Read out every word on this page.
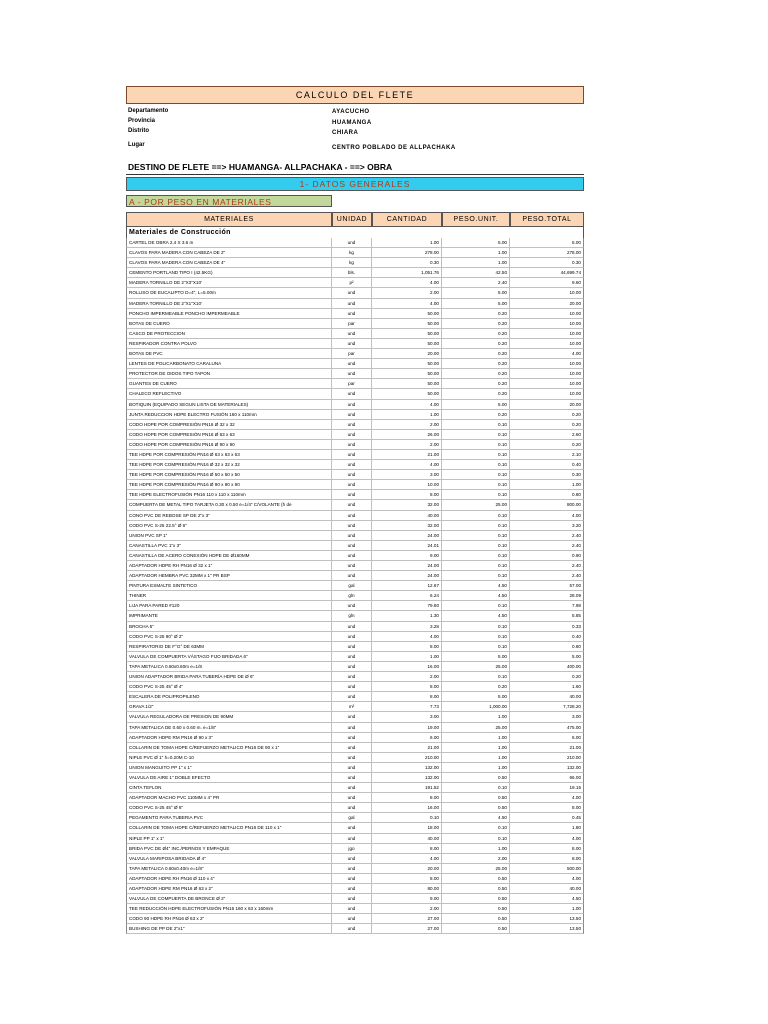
CALCULO DEL FLETE
Departamento	AYACUCHO
Provincia	HUAMANGA
Distrito	CHIARA
Lugar	CENTRO POBLADO DE ALLPACHAKA
DESTINO DE FLETE ==> HUAMANGA- ALLPACHAKA - ==> OBRA
1- DATOS GENERALES
A - POR PESO EN MATERIALES
MATERIALES	UNIDAD	CANTIDAD	PESO.UNIT.	PESO.TOTAL
Materiales de Construcción
CARTEL DE OBRA 2.4 X 3.6 m	und	1.00	5.00	5.00
CLAVOS PARA MADERA CON CABEZA DE 2"	kg	278.00	1.00	278.00
CLAVOS PARA MADERA CON CABEZA DE 4"	kg	0.30	1.00	0.30
CEMENTO PORTLAND TIPO I (42.5KG)	bls.	1,051.76	42.50	44,699.74
MADERA TORNILLO DE 2"X3"X10'	p²	4.00	2.40	9.60
ROLLISO DE EUCALIPTO D=4", L=5.00m	und	2.00	5.00	10.00
MADERA TORNILLO DE 2"X1"X10'	und	4.00	5.00	20.00
PONCHO IMPERMEABLE PONCHO IMPERMEABLE	und	50.00	0.20	10.00
BOTAS DE CUERO	par	50.00	0.20	10.00
CASCO DE PROTECCION	und	50.00	0.20	10.00
RESPIRADOR CONTRA POLVO	und	50.00	0.20	10.00
BOTAS DE PVC	par	20.00	0.20	4.00
LENTES DE POLICARBONATO CARALUNA	und	50.00	0.20	10.00
PROTECTOR DE OIDOS TIPO TAPON	und	50.00	0.20	10.00
GUANTES DE CUERO	par	50.00	0.20	10.00
CHALECO REFLECTIVO	und	50.00	0.20	10.00
BOTIQUIN (EQUIPADO SEGUN LISTA DE MATERIALES)	und	4.00	5.00	20.00
JUNTA REDUCCION HDPE ELECTRO FUSIÓN 160 x 110mm	und	1.00	0.20	0.20
CODO HDPE POR COMPRESIÓN PN16 Ø 32 x 32	und	2.00	0.10	0.20
CODO HDPE POR COMPRESIÓN PN16 Ø 63 x 63	und	26.00	0.10	2.60
CODO HDPE POR COMPRESIÓN PN16 Ø 90 x 90	und	2.00	0.10	0.20
TEE HDPE POR COMPRESIÓN PN16 Ø 63 x 63 x 63	und	21.00	0.10	2.10
TEE HDPE POR COMPRESIÓN PN16 Ø 32 x 32 x 32	und	4.00	0.10	0.40
TEE HDPE POR COMPRESIÓN PN16 Ø 50 x 50 x 50	und	3.00	0.10	0.30
TEE HDPE POR COMPRESIÓN PN16 Ø 90 x 90 x 90	und	10.00	0.10	1.00
TEE HDPE ELECTROFUSIÓN PN16 110 x 110 x 110mm	und	8.00	0.10	0.80
COMPUERTA DE METAL TIPO TARJETA 0.30 x 0.50 e=1/4" C/VOLANTE (h de	und	32.00	25.00	800.00
CONO PVC DE REBOSE SP DE 2"x 3"	und	40.00	0.10	4.00
CODO PVC S-25 22.5° Ø 6"	und	32.00	0.10	3.20
UNION PVC SP 1"	und	24.00	0.10	2.40
CANASTILLA PVC 1"x 3"	und	24.01	0.10	2.40
CANASTILLA DE ACERO CONEXIÓN HDPE DE Ø160MM	und	9.00	0.10	0.90
ADAPTADOR HDPE RH PN16 Ø 32 x 1"	und	24.00	0.10	2.40
ADAPTADOR HEMBRA PVC 32MM x 1" PR BSP	und	24.00	0.10	2.40
PINTURA ESMALTE SINTETICO	gal	12.67	4.50	57.00
THINER	gln	6.24	4.50	28.09
LIJA PARA PARED #120	und	79.80	0.10	7.98
IMPRIMANTE	gln	1.30	4.50	5.85
BROCHA 5"	und	3.28	0.10	0.33
CODO PVC S-25 90° Ø 2"	und	4.00	0.10	0.40
RESPIRATORIO DE F°G° DE 63MM	und	8.00	0.10	0.80
VALVULA DE COMPUERTA VÁSTAGO FIJO BRIDADA 6"	und	1.00	5.00	5.00
TAPA METALICA 0.60x0.60m e=1/8	und	16.00	25.00	400.00
UNION ADAPTADOR BRIDA PARA TUBERÍA HDPE DE Ø 6"	und	2.00	0.10	0.20
CODO PVC S-25 45° Ø 4"	und	8.00	0.20	1.60
ESCALERA DE POLIPROPILENO	und	8.00	5.00	40.00
GRAVA 1/2"	m³	7.73	1,000.00	7,728.20
VALVULA REGULADORA DE PRESION DE 90MM	und	3.00	1.00	3.00
TAPA METALICA DE 0.60 x 0.60 m. e=1/8"	und	19.00	25.00	475.00
ADAPTADOR HDPE RM PN16 Ø 90 x 3"	und	6.00	1.00	6.00
COLLARIN DE TOMA HDPE C/REFUERZO METALICO PN16 DE 90 x 1"	und	21.00	1.00	21.00
NIPLE PVC Ø 1" h=0.20M C-10	und	210.00	1.00	210.00
UNION MANGUITO PP 1" x 1"	und	132.00	1.00	132.00
VALVULA DE AIRE 1" DOBLE EFECTO	und	132.00	0.50	66.00
CINTA TEFLON	und	191.52	0.10	19.15
ADAPTADOR MACHO PVC 110MM x 4" PR	und	8.00	0.50	4.00
CODO PVC S-25 45° Ø 6"	und	16.00	0.50	8.00
PEGAMENTO PARA TUBERIA PVC	gal	0.10	4.50	0.45
COLLARIN DE TOMA HDPE C/REFUERZO METALICO PN16 DE 110 x 1"	und	18.00	0.10	1.80
NIPLE PP 1" x 1"	und	40.00	0.10	4.00
BRIDA PVC DE Ø4" INC./PERNOS Y EMPAQUE	jgo	8.00	1.00	8.00
VALVULA MARIPOSA BRIDADA Ø 4"	und	4.00	2.00	8.00
TAPA METALICA 0.60x0.40m e=1/8"	und	20.00	25.00	500.00
ADAPTADOR HDPE RH PN16 Ø 110 x 4"	und	8.00	0.50	4.00
ADAPTADOR HDPE RM PN16 Ø 63 x 2"	und	80.00	0.50	40.00
VALVULA DE COMPUERTA DE BRONCE Ø 2"	und	9.00	0.50	4.50
TEE REDUCCIÓN HDPE ELECTROFUSIÓN PN16 160 x 63 x 160mm	und	2.00	0.50	1.00
CODO 90 HDPE RH PN16 Ø 63 x 2"	und	27.00	0.50	13.50
BUSHING DE PP DE 2"x1"	und	27.00	0.50	13.50
